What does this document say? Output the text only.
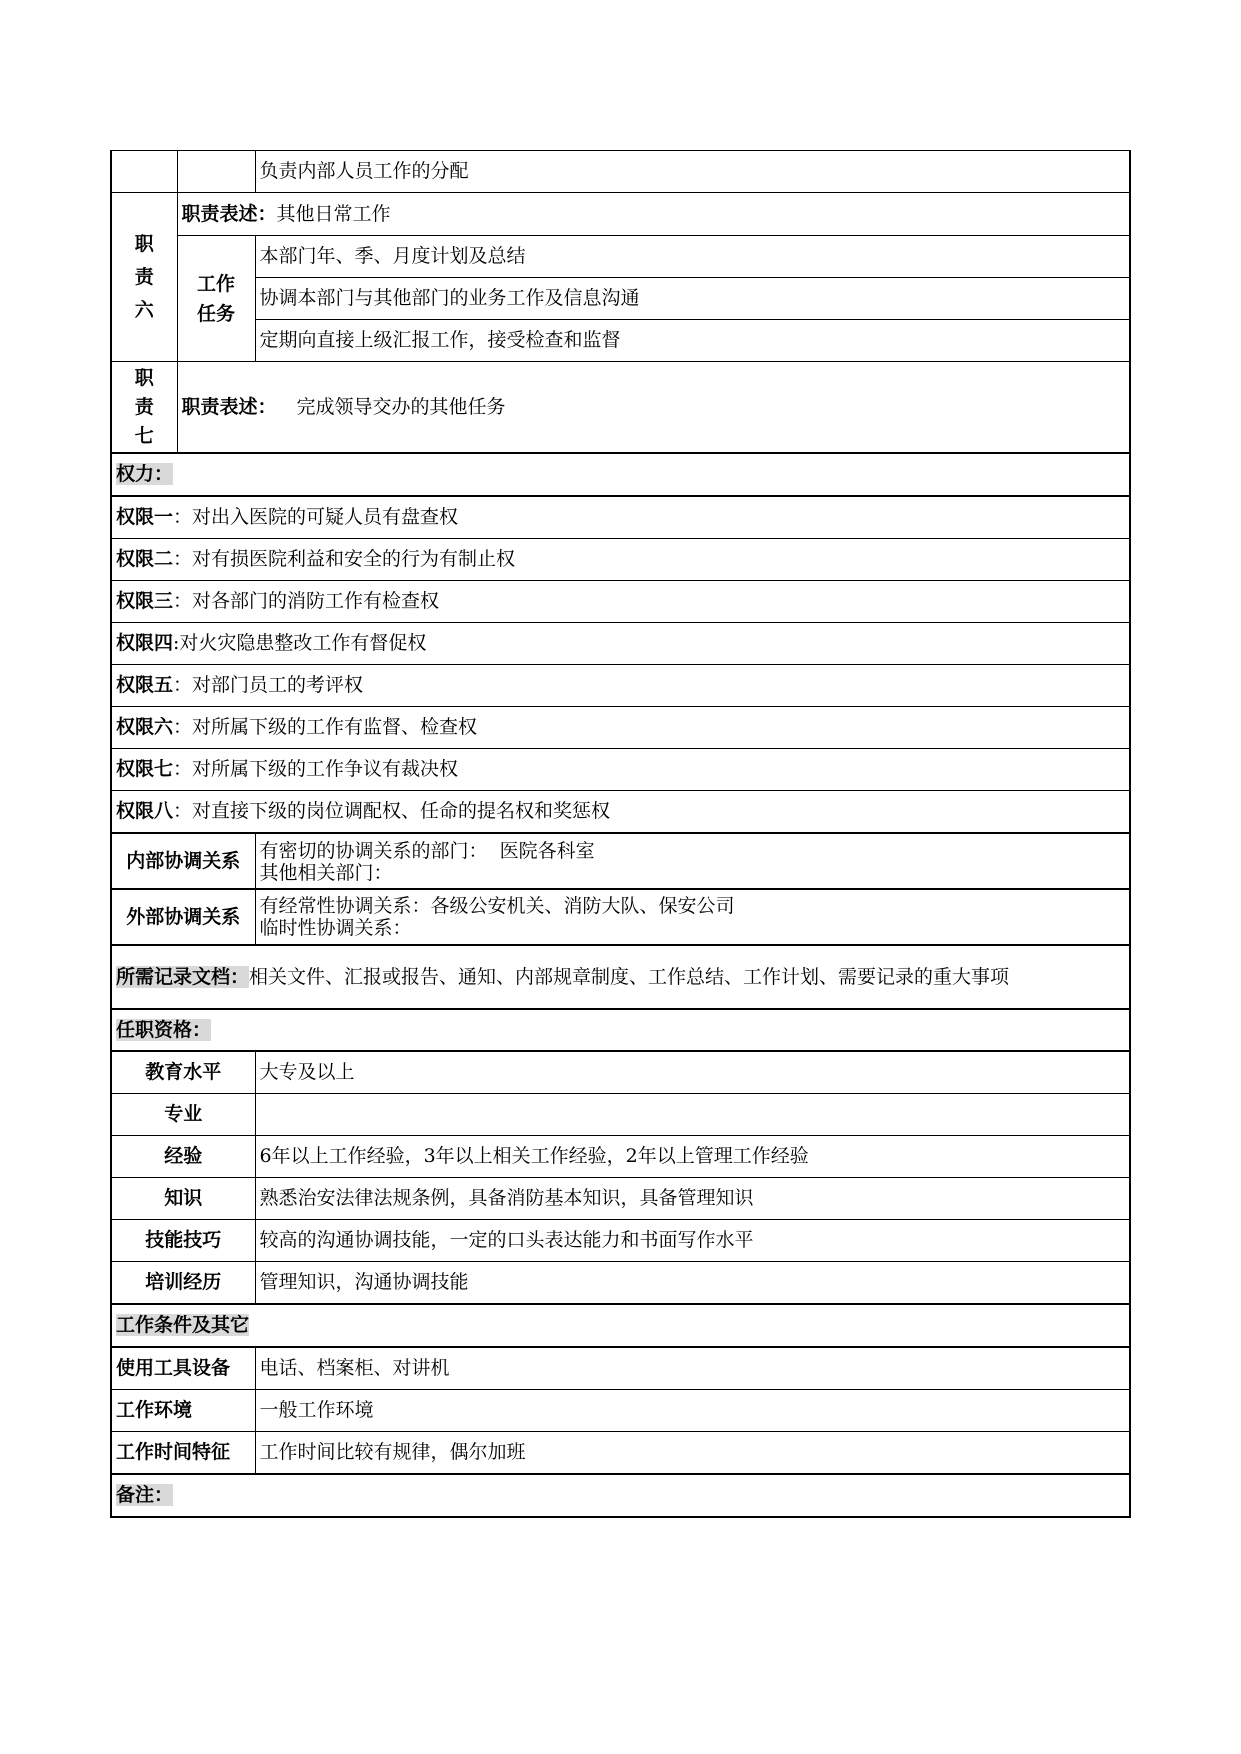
		负责内部人员工作的分配
职
责
六	职责表述：其他日常工作	
	工作
任务	本部门年、季、月度计划及总结
		协调本部门与其他部门的业务工作及信息沟通
		定期向直接上级汇报工作，接受检查和监督
职
责
七	职责表述： 完成领导交办的其他任务	
权力：		
权限一：对出入医院的可疑人员有盘查权		
权限二：对有损医院利益和安全的行为有制止权		
权限三：对各部门的消防工作有检查权		
权限四:对火灾隐患整改工作有督促权		
权限五：对部门员工的考评权		
权限六：对所属下级的工作有监督、检查权		
权限七：对所属下级的工作争议有裁决权		
权限八：对直接下级的岗位调配权、任命的提名权和奖惩权		
内部协调关系	有密切的协调关系的部门：  医院各科室
其他相关部门：

外部协调关系	有经常性协调关系：各级公安机关、消防大队、保安公司
临时性协调关系：

所需记录文档：相关文件、汇报或报告、通知、内部规章制度、工作总结、工作计划、需要记录的重大事项	
任职资格：	
教育水平	大专及以上
专业	
经验	6年以上工作经验，3年以上相关工作经验，2年以上管理工作经验
知识	熟悉治安法律法规条例，具备消防基本知识，具备管理知识
技能技巧	较高的沟通协调技能，一定的口头表达能力和书面写作水平
培训经历	管理知识，沟通协调技能
工作条件及其它	
使用工具设备	电话、档案柜、对讲机
工作环境	一般工作环境
工作时间特征	工作时间比较有规律，偶尔加班
备注：	
